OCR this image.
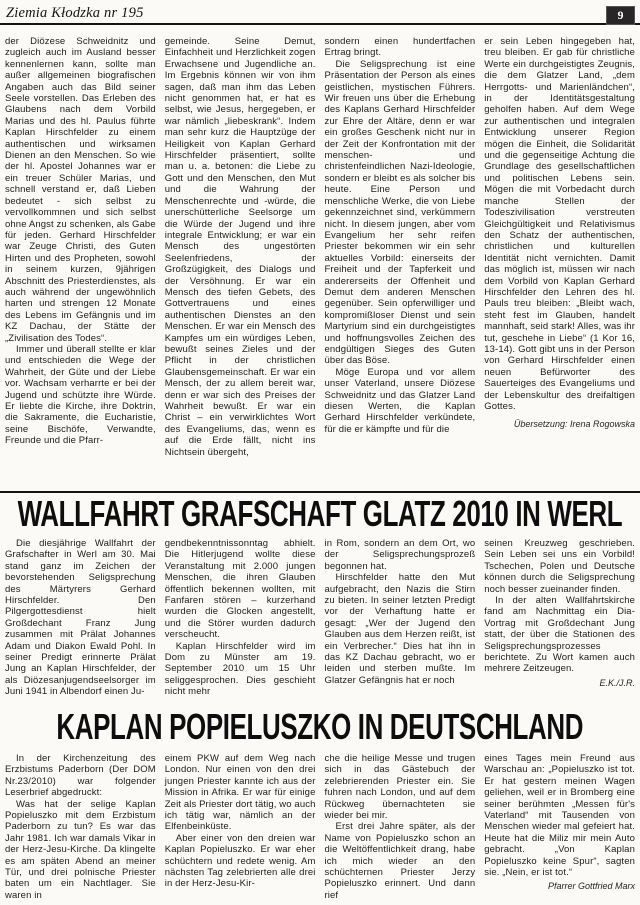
Ziemia Kłodzka nr 195	9

der Diözese Schweidnitz und zugleich auch im Ausland besser kennenlernen kann, sollte man außer allgemeinen biografischen Angaben auch das Bild seiner Seele vorstellen. Das Erleben des Glaubens nach dem Vorbild Marias und des hl. Paulus führte Kaplan Hirschfelder zu einem authentischen und wirksamen Dienen an den Menschen. So wie der hl. Apostel Johannes war er ein treuer Schüler Marias, und schnell verstand er, daß Lieben bedeutet - sich selbst zu vervollkommnen und sich selbst ohne Angst zu schenken, als Gabe für jeden. Gerhard Hirschfelder war Zeuge Christi, des Guten Hirten und des Propheten, sowohl in seinem kurzen, 9jährigen Abschnitt des Priesterdienstes, als auch während der ungewöhnlich harten und strengen 12 Monate des Lebens im Gefängnis und im KZ Dachau, der Stätte der „Zivilisation des Todes“.

Immer und überall stellte er klar und entschieden die Wege der Wahrheit, der Güte und der Liebe vor. Wachsam verharrte er bei der Jugend und schützte ihre Würde. Er liebte die Kirche, ihre Doktrin, die Sakramente, die Eucharistie, seine Bischöfe, Verwandte, Freunde und die Pfarr-

gemeinde. Seine Demut, Einfachheit und Herzlichkeit zogen Erwachsene und Jugendliche an. Im Ergebnis können wir von ihm sagen, daß man ihm das Leben nicht genommen hat, er hat es selbst, wie Jesus, hergegeben, er war nämlich „liebeskrank“. Indem man sehr kurz die Hauptzüge der Heiligkeit von Kaplan Gerhard Hirschfelder präsentiert, sollte man u. a. betonen: die Liebe zu Gott und den Menschen, den Mut und die Wahrung der Menschenrechte und -würde, die unerschütterliche Seelsorge um die Würde der Jugend und ihre integrale Entwicklung; er war ein Mensch des ungestörten Seelenfriedens, der Großzügigkeit, des Dialogs und der Versöhnung. Er war ein Mensch des tiefen Gebets, des Gottvertrauens und eines authentischen Dienstes an den Menschen. Er war ein Mensch des Kampfes um ein würdiges Leben, bewußt seines Zieles und der Pflicht in der christlichen Glaubensgemeinschaft. Er war ein Mensch, der zu allem bereit war, denn er war sich des Preises der Wahrheit bewußt. Er war ein Christ – ein verwirklichtes Wort des Evangeliums, das, wenn es auf die Erde fällt, nicht ins Nichtsein übergeht,

sondern einen hundertfachen Ertrag bringt.

Die Seligsprechung ist eine Präsentation der Person als eines geistlichen, mystischen Führers. Wir freuen uns über die Erhebung des Kaplans Gerhard Hirschfelder zur Ehre der Altäre, denn er war ein großes Geschenk nicht nur in der Zeit der Konfrontation mit der menschen- und christenfeindlichen Nazi-Ideologie, sondern er bleibt es als solcher bis heute. Eine Person und menschliche Werke, die von Liebe gekennzeichnet sind, verkümmern nicht. In diesem jungen, aber vom Evangelium her sehr reifen Priester bekommen wir ein sehr aktuelles Vorbild: einerseits der Freiheit und der Tapferkeit und andererseits der Offenheit und Demut dem anderen Menschen gegenüber. Sein opferwilliger und kompromißloser Dienst und sein Martyrium sind ein durchgeistigtes und hoffnungsvolles Zeichen des endgültigen Sieges des Guten über das Böse.

Möge Europa und vor allem unser Vaterland, unsere Diözese Schweidnitz und das Glatzer Land diesen Werten, die Kaplan Gerhard Hirschfelder verkündete, für die er kämpfte und für die

er sein Leben hingegeben hat, treu bleiben. Er gab für christliche Werte ein durchgeistigtes Zeugnis, die dem Glatzer Land, „dem Herrgotts- und Marienländchen“, in der Identitätsgestaltung geholfen haben. Auf dem Wege zur authentischen und integralen Entwicklung unserer Region mögen die Einheit, die Solidarität und die gegenseitige Achtung die Grundlage des gesellschaftlichen und politischen Lebens sein. Mögen die mit Vorbedacht durch manche Stellen der Todeszivilisation verstreuten Gleichgültigkeit und Relativismus den Schatz der authentischen, christlichen und kulturellen Identität nicht vernichten. Damit das möglich ist, müssen wir nach dem Vorbild von Kaplan Gerhard Hirschfelder den Lehren des hl. Pauls treu bleiben: „Bleibt wach, steht fest im Glauben, handelt mannhaft, seid stark! Alles, was ihr tut, geschehe in Liebe“ (1 Kor 16, 13-14). Gott gibt uns in der Person von Gerhard Hirschfelder einen neuen Befürworter des Sauerteiges des Evangeliums und der Lebenskultur des dreifaltigen Gottes.

Übersetzung: Irena Rogowska
WALLFAHRT GRAFSCHAFT GLATZ 2010 IN WERL

Die diesjährige Wallfahrt der Grafschafter in Werl am 30. Mai stand ganz im Zeichen der bevorstehenden Seligsprechung des Märtyrers Gerhard Hirschfelder. Den Pilgergottesdienst hielt Großdechant Franz Jung zusammen mit Prälat Johannes Adam und Diakon Ewald Pohl. In seiner Predigt erinnerte Prälat Jung an Kaplan Hirschfelder, der als Diözesanjugendseelsorger im Juni 1941 in Albendorf einen Ju-

gendbekenntnissonntag abhielt. Die Hitlerjugend wollte diese Veranstaltung mit 2.000 jungen Menschen, die ihren Glauben öffentlich bekennen wollten, mit Fanfaren stören – kurzerhand wurden die Glocken angestellt, und die Störer wurden dadurch verscheucht.

Kaplan Hirschfelder wird im Dom zu Münster am 19. September 2010 um 15 Uhr seliggesprochen. Dies geschieht nicht mehr

in Rom, sondern an dem Ort, wo der Seligsprechungsprozeß begonnen hat.

Hirschfelder hatte den Mut aufgebracht, den Nazis die Stirn zu bieten. In seiner letzten Predigt vor der Verhaftung hatte er gesagt: „Wer der Jugend den Glauben aus dem Herzen reißt, ist ein Verbrecher.“ Dies hat ihn in das KZ Dachau gebracht, wo er leiden und sterben mußte. Im Glatzer Gefängnis hat er noch

seinen Kreuzweg geschrieben. Sein Leben sei uns ein Vorbild! Tschechen, Polen und Deutsche können durch die Seligsprechung noch besser zueinander finden.

In der alten Wallfahrtskirche fand am Nachmittag ein Dia-Vortrag mit Großdechant Jung statt, der über die Stationen des Seligsprechungsprozesses berichtete. Zu Wort kamen auch mehrere Zeitzeugen.

E.K./J.R.
KAPLAN POPIELUSZKO IN DEUTSCHLAND

In der Kirchenzeitung des Erzbistums Paderborn (Der DOM Nr.23/2010) war folgender Leserbrief abgedruckt:

Was hat der selige Kaplan Popieluszko mit dem Erzbistum Paderborn zu tun? Es war das Jahr 1981. Ich war damals Vikar in der Herz-Jesu-Kirche. Da klingelte es am späten Abend an meiner Tür, und drei polnische Priester baten um ein Nachtlager. Sie waren in

einem PKW auf dem Weg nach London. Nur einen von den drei jungen Priester kannte ich aus der Mission in Afrika. Er war für einige Zeit als Priester dort tätig, wo auch ich tätig war, nämlich an der Elfenbeinküste.

Aber einer von den dreien war Kaplan Popieluszko. Er war eher schüchtern und redete wenig. Am nächsten Tag zelebrierten alle drei in der Herz-Jesu-Kir-

che die heilige Messe und trugen sich in das Gästebuch der zelebrierenden Priester ein. Sie fuhren nach London, und auf dem Rückweg übernachteten sie wieder bei mir.

Erst drei Jahre später, als der Name von Popieluszko schon an die Weltöffentlichkeit drang, habe ich mich wieder an den schüchternen Priester Jerzy Popieluszko erinnert. Und dann rief

eines Tages mein Freund aus Warschau an: „Popieluszko ist tot. Er hat gestern meinen Wagen geliehen, weil er in Bromberg eine seiner berühmten „Messen für's Vaterland“ mit Tausenden von Menschen wieder mal gefeiert hat. Heute hat die Miliz mir mein Auto gebracht. „Von Kaplan Popieluszko keine Spur“, sagten sie. „Nein, er ist tot.“

Pfarrer Gottfried Marx
